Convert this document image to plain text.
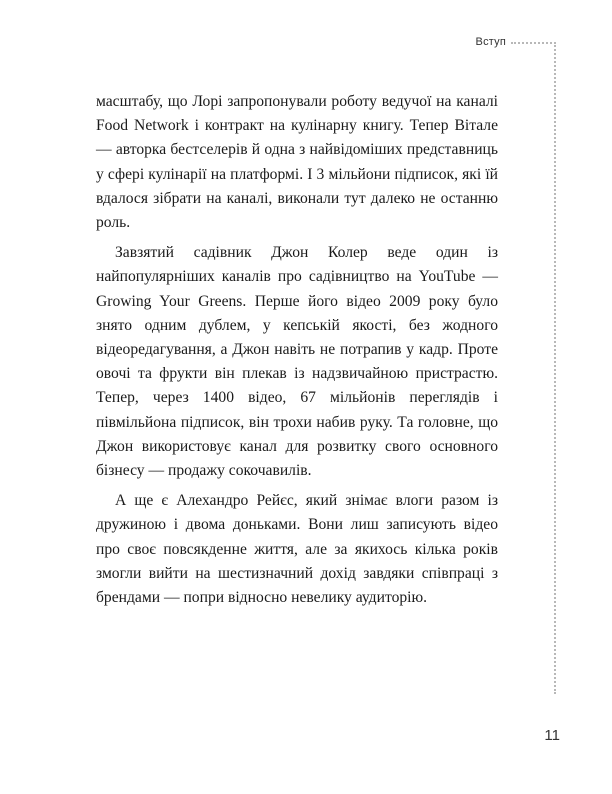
Вступ

масштабу, що Лорі запропонували роботу ведучої на каналі Food Network і контракт на кулінарну книгу. Тепер Вітале — авторка бестселерів й одна з найвідоміших представниць у сфері кулінарії на платформі. І 3 мільйони підписок, які їй вдалося зібрати на каналі, виконали тут далеко не останню роль.

Завзятий садівник Джон Колер веде один із найпопулярніших каналів про садівництво на YouTube — Growing Your Greens. Перше його відео 2009 року було знято одним дублем, у кепській якості, без жодного відеоредагування, а Джон навіть не потрапив у кадр. Проте овочі та фрукти він плекав із надзвичайною пристрастю. Тепер, через 1400 відео, 67 мільйонів переглядів і півмільйона підписок, він трохи набив руку. Та головне, що Джон використовує канал для розвитку свого основного бізнесу — продажу сокочавилів.

А ще є Алехандро Рейєс, який знімає влоги разом із дружиною і двома доньками. Вони лиш записують відео про своє повсякденне життя, але за якихось кілька років змогли вийти на шестизначний дохід завдяки співпраці з брендами — попри відносно невелику аудиторію.

11
